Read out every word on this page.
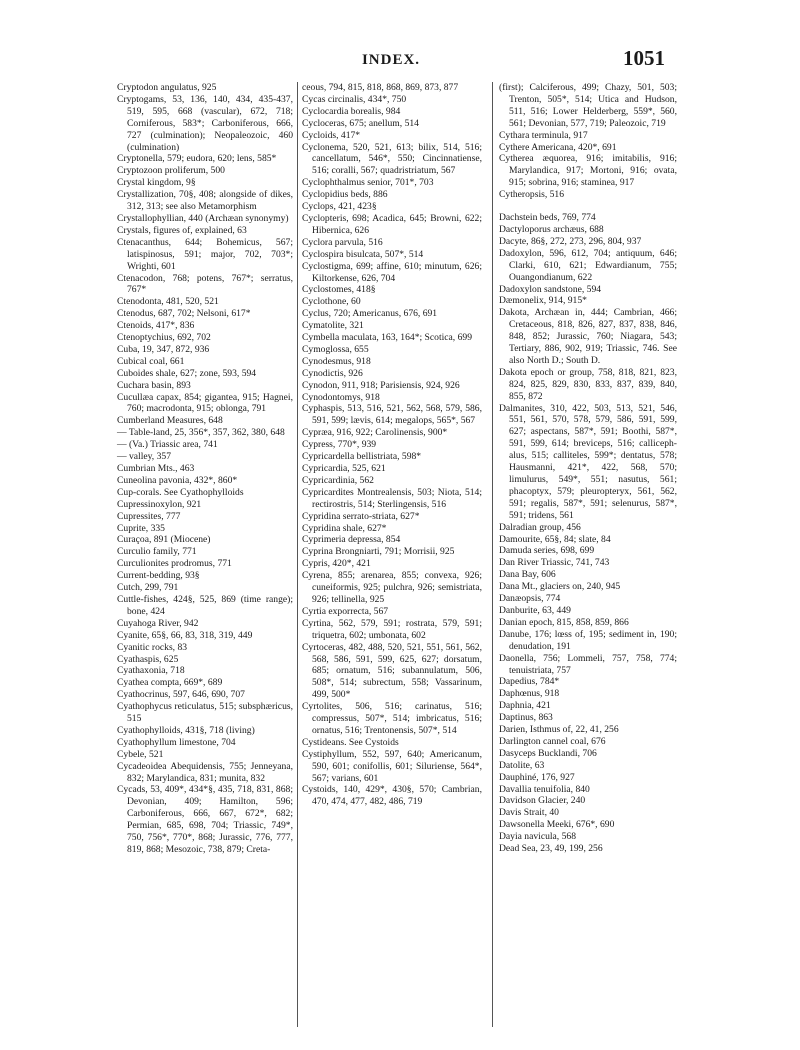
INDEX.	1051
Cryptodon angulatus, 925
Cryptogams, 53, 136, 140, 434, 435-437, 519, 595, 668 (vascular), 672, 718; Corniferous, 583*; Carboniferous, 666, 727 (culmination); Neopaleozoic, 460 (culmination)
Cryptonella, 579; eudora, 620; lens, 585*
Cryptozoon proliferum, 500
Crystal kingdom, 9§
Crystallization, 70§, 408; alongside of dikes, 312, 313; see also Metamorphism
Crystallophyllian, 440 (Archæan synonymy)
Crystals, figures of, explained, 63
Ctenacanthus, 644; Bohemicus, 567; latispinosus, 591; major, 702, 703*; Wrighti, 601
Ctenacodon, 768; potens, 767*; serratus, 767*
Ctenodonta, 481, 520, 521
Ctenodus, 687, 702; Nelsoni, 617*
Ctenoids, 417*, 836
Ctenoptychius, 692, 702
Cuba, 19, 347, 872, 936
Cubical coal, 661
Cuboides shale, 627; zone, 593, 594
Cuchara basin, 893
Cucullæa capax, 854; gigantea, 915; Hagnei, 760; macrodonta, 915; oblonga, 791
Cumberland Measures, 648
— Table-land, 25, 356*, 357, 362, 380, 648
— (Va.) Triassic area, 741
— valley, 357
Cumbrian Mts., 463
Cuneolina pavonia, 432*, 860*
Cup-corals. See Cyathophylloids
Cupressinoxylon, 921
Cupressites, 777
Cuprite, 335
Curaçoa, 891 (Miocene)
Curculio family, 771
Curculionites prodromus, 771
Current-bedding, 93§
Cutch, 299, 791
Cuttle-fishes, 424§, 525, 869 (time range); bone, 424
Cuyahoga River, 942
Cyanite, 65§, 66, 83, 318, 319, 449
Cyanitic rocks, 83
Cyathaspis, 625
Cyathaxonia, 718
Cyathea compta, 669*, 689
Cyathocrinus, 597, 646, 690, 707
Cyathophycus reticulatus, 515; subsphæricus, 515
Cyathophylloids, 431§, 718 (living)
Cyathophyllum limestone, 704
Cybele, 521
Cycadeoidea Abequidensis, 755; Jenneyana, 832; Marylandica, 831; munita, 832
Cycads, 53, 409*, 434*§, 435, 718, 831, 868; Devonian, 409; Hamilton, 596; Carboniferous, 666, 667, 672*, 682; Permian, 685, 698, 704; Triassic, 749*, 750, 756*, 770*, 868; Jurassic, 776, 777, 819, 868; Mesozoic, 738, 879; Creta-
ceous, 794, 815, 818, 868, 869, 873, 877
Cycas circinalis, 434*, 750
Cyclocardia borealis, 984
Cycloceras, 675; anellum, 514
Cycloids, 417*
Cyclonema, 520, 521, 613; bilix, 514, 516; cancellatum, 546*, 550; Cincinnatiense, 516; coralli, 567; quadristriatum, 567
Cyclophthalmus senior, 701*, 703
Cyclopidius beds, 886
Cyclops, 421, 423§
Cyclopteris, 698; Acadica, 645; Browni, 622; Hibernica, 626
Cyclora parvula, 516
Cyclospira bisulcata, 507*, 514
Cyclostigma, 699; affine, 610; minutum, 626; Kiltorkense, 626, 704
Cyclostomes, 418§
Cyclothone, 60
Cyclus, 720; Americanus, 676, 691
Cymatolite, 321
Cymbella maculata, 163, 164*; Scotica, 699
Cymoglossa, 655
Cynodesmus, 918
Cynodictis, 926
Cynodon, 911, 918; Parisiensis, 924, 926
Cynodontomys, 918
Cyphaspis, 513, 516, 521, 562, 568, 579, 586, 591, 599; lævis, 614; megalops, 565*, 567
Cypræa, 916, 922; Carolinensis, 900*
Cypress, 770*, 939
Cypricardella bellistriata, 598*
Cypricardia, 525, 621
Cypricardinia, 562
Cypricardites Montrealensis, 503; Niota, 514; rectirostris, 514; Sterlingensis, 516
Cypridina serrato-striata, 627*
Cypridina shale, 627*
Cyprimeria depressa, 854
Cyprina Brongniarti, 791; Morrisii, 925
Cypris, 420*, 421
Cyrena, 855; arenarea, 855; convexa, 926; cuneiformis, 925; pulchra, 926; semistriata, 926; tellinella, 925
Cyrtia exporrecta, 567
Cyrtina, 562, 579, 591; rostrata, 579, 591; triquetra, 602; umbonata, 602
Cyrtoceras, 482, 488, 520, 521, 551, 561, 562, 568, 586, 591, 599, 625, 627; dorsatum, 685; ornatum, 516; subannulatum, 506, 508*, 514; subrectum, 558; Vassarinum, 499, 500*
Cyrtolites, 506, 516; carinatus, 516; compressus, 507*, 514; imbricatus, 516; ornatus, 516; Trentonensis, 507*, 514
Cystideans. See Cystoids
Cystiphyllum, 552, 597, 640; Americanum, 590, 601; conifollis, 601; Siluriense, 564*, 567; varians, 601
Cystoids, 140, 429*, 430§, 570; Cambrian, 470, 474, 477, 482, 486, 719
(first); Calciferous, 499; Chazy, 501, 503; Trenton, 505*, 514; Utica and Hudson, 511, 516; Lower Helderberg, 559*, 560, 561; Devonian, 577, 719; Paleozoic, 719
Cythara terminula, 917
Cythere Americana, 420*, 691
Cytherea æquorea, 916; imitabilis, 916; Marylandica, 917; Mortoni, 916; ovata, 915; sobrina, 916; staminea, 917
Cytheropsis, 516
Dachstein beds, 769, 774
Dactyloporus archæus, 688
Dacyte, 86§, 272, 273, 296, 804, 937
Dadoxylon, 596, 612, 704; antiquum, 646; Clarki, 610, 621; Edwardianum, 755; Ouangondianum, 622
Dadoxylon sandstone, 594
Dæmonelix, 914, 915*
Dakota, Archæan in, 444; Cambrian, 466; Cretaceous, 818, 826, 827, 837, 838, 846, 848, 852; Jurassic, 760; Niagara, 543; Tertiary, 886, 902, 919; Triassic, 746. See also North D.; South D.
Dakota epoch or group, 758, 818, 821, 823, 824, 825, 829, 830, 833, 837, 839, 840, 855, 872
Dalmanites, 310, 422, 503, 513, 521, 546, 551, 561, 570, 578, 579, 586, 591, 599, 627; aspectans, 587*, 591; Boothi, 587*, 591, 599, 614; breviceps, 516; callicephalus, 515; calliteles, 599*; dentatus, 578; Hausmanni, 421*, 422, 568, 570; limulurus, 549*, 551; nasutus, 561; phacoptyx, 579; pleuropteryx, 561, 562, 591; regalis, 587*, 591; selenurus, 587*, 591; tridens, 561
Dalradian group, 456
Damourite, 65§, 84; slate, 84
Damuda series, 698, 699
Dan River Triassic, 741, 743
Dana Bay, 606
Dana Mt., glaciers on, 240, 945
Danæopsis, 774
Danburite, 63, 449
Danian epoch, 815, 858, 859, 866
Danube, 176; lœss of, 195; sediment in, 190; denudation, 191
Daonella, 756; Lommeli, 757, 758, 774; tenuistriata, 757
Dapedius, 784*
Daphœnus, 918
Daphnia, 421
Daptinus, 863
Darien, Isthmus of, 22, 41, 256
Darlington cannel coal, 676
Dasyceps Bucklandi, 706
Datolite, 63
Dauphiné, 176, 927
Davallia tenuifolia, 840
Davidson Glacier, 240
Davis Strait, 40
Dawsonella Meeki, 676*, 690
Dayia navicula, 568
Dead Sea, 23, 49, 199, 256
